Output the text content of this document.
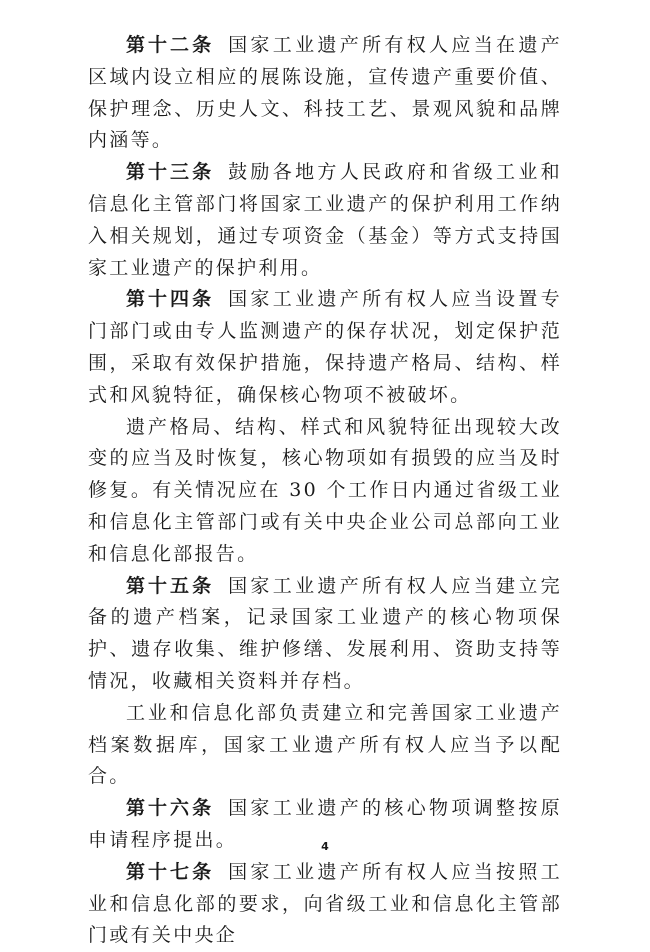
第十二条 国家工业遗产所有权人应当在遗产区域内设立相应的展陈设施，宣传遗产重要价值、保护理念、历史人文、科技工艺、景观风貌和品牌内涵等。

第十三条 鼓励各地方人民政府和省级工业和信息化主管部门将国家工业遗产的保护利用工作纳入相关规划，通过专项资金（基金）等方式支持国家工业遗产的保护利用。

第十四条 国家工业遗产所有权人应当设置专门部门或由专人监测遗产的保存状况，划定保护范围，采取有效保护措施，保持遗产格局、结构、样式和风貌特征，确保核心物项不被破坏。

遗产格局、结构、样式和风貌特征出现较大改变的应当及时恢复，核心物项如有损毁的应当及时修复。有关情况应在 30 个工作日内通过省级工业和信息化主管部门或有关中央企业公司总部向工业和信息化部报告。

第十五条 国家工业遗产所有权人应当建立完备的遗产档案，记录国家工业遗产的核心物项保护、遗存收集、维护修缮、发展利用、资助支持等情况，收藏相关资料并存档。

工业和信息化部负责建立和完善国家工业遗产档案数据库，国家工业遗产所有权人应当予以配合。

第十六条 国家工业遗产的核心物项调整按原申请程序提出。

第十七条 国家工业遗产所有权人应当按照工业和信息化部的要求，向省级工业和信息化主管部门或有关中央企

4
